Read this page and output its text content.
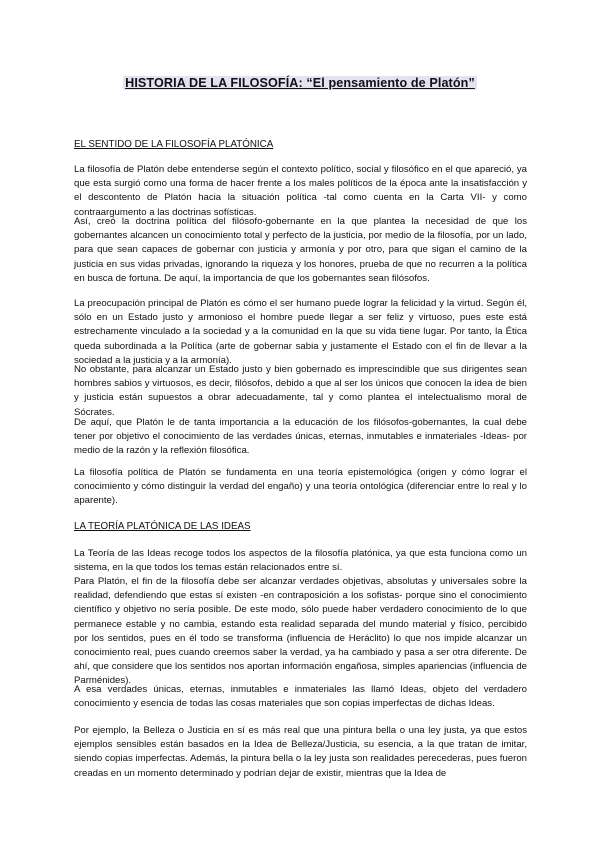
HISTORIA DE LA FILOSOFÍA: “El pensamiento de Platón”
EL SENTIDO DE LA FILOSOFÍA PLATÓNICA

La filosofía de Platón debe entenderse según el contexto político, social y filosófico en el que apareció, ya que esta surgió como una forma de hacer frente a los males políticos de la época ante la insatisfacción y el descontento de Platón hacia la situación política -tal como cuenta en la Carta VII- y como contraargumento a las doctrinas sofísticas.

Así, creó la doctrina política del filósofo-gobernante en la que plantea la necesidad de que los gobernantes alcancen un conocimiento total y perfecto de la justicia, por medio de la filosofía, por un lado, para que sean capaces de gobernar con justicia y armonía y por otro, para que sigan el camino de la justicia en sus vidas privadas, ignorando la riqueza y los honores, prueba de que no recurren a la política en busca de fortuna. De aquí, la importancia de que los gobernantes sean filósofos.

La preocupación principal de Platón es cómo el ser humano puede lograr la felicidad y la virtud. Según él, sólo en un Estado justo y armonioso el hombre puede llegar a ser feliz y virtuoso, pues este está estrechamente vinculado a la sociedad y a la comunidad en la que su vida tiene lugar. Por tanto, la Ética queda subordinada a la Política (arte de gobernar sabia y justamente el Estado con el fin de llevar a la sociedad a la justicia y a la armonía).

No obstante, para alcanzar un Estado justo y bien gobernado es imprescindible que sus dirigentes sean hombres sabios y virtuosos, es decir, filósofos, debido a que al ser los únicos que conocen la idea de bien y justicia están supuestos a obrar adecuadamente, tal y como plantea el intelectualismo moral de Sócrates.

De aquí, que Platón le de tanta importancia a la educación de los filósofos-gobernantes, la cual debe tener por objetivo el conocimiento de las verdades únicas, eternas, inmutables e inmateriales -Ideas- por medio de la razón y la reflexión filosófica.

La filosofía política de Platón se fundamenta en una teoría epistemológica (origen y cómo lograr el conocimiento y cómo distinguir la verdad del engaño) y una teoría ontológica (diferenciar entre lo real y lo aparente).

LA TEORÍA PLATÓNICA DE LAS IDEAS

La Teoría de las Ideas recoge todos los aspectos de la filosofía platónica, ya que esta funciona como un sistema, en la que todos los temas están relacionados entre sí.

Para Platón, el fin de la filosofía debe ser alcanzar verdades objetivas, absolutas y universales sobre la realidad, defendiendo que estas sí existen -en contraposición a los sofistas- porque sino el conocimiento científico y objetivo no sería posible. De este modo, sólo puede haber verdadero conocimiento de lo que permanece estable y no cambia, estando esta realidad separada del mundo material y físico, percibido por los sentidos, pues en él todo se transforma (influencia de Heráclito) lo que nos impide alcanzar un conocimiento real, pues cuando creemos saber la verdad, ya ha cambiado y pasa a ser otra diferente. De ahí, que considere que los sentidos nos aportan información engañosa, simples apariencias (influencia de Parménides).

A esa verdades únicas, eternas, inmutables e inmateriales las llamó Ideas, objeto del verdadero conocimiento y esencia de todas las cosas materiales que son copias imperfectas de dichas Ideas.

Por ejemplo, la Belleza o Justicia en sí es más real que una pintura bella o una ley justa, ya que estos ejemplos sensibles están basados en la Idea de Belleza/Justicia, su esencia, a la que tratan de imitar, siendo copias imperfectas. Además, la pintura bella o la ley justa son realidades perecederas, pues fueron creadas en un momento determinado y podrían dejar de existir, mientras que la Idea de
